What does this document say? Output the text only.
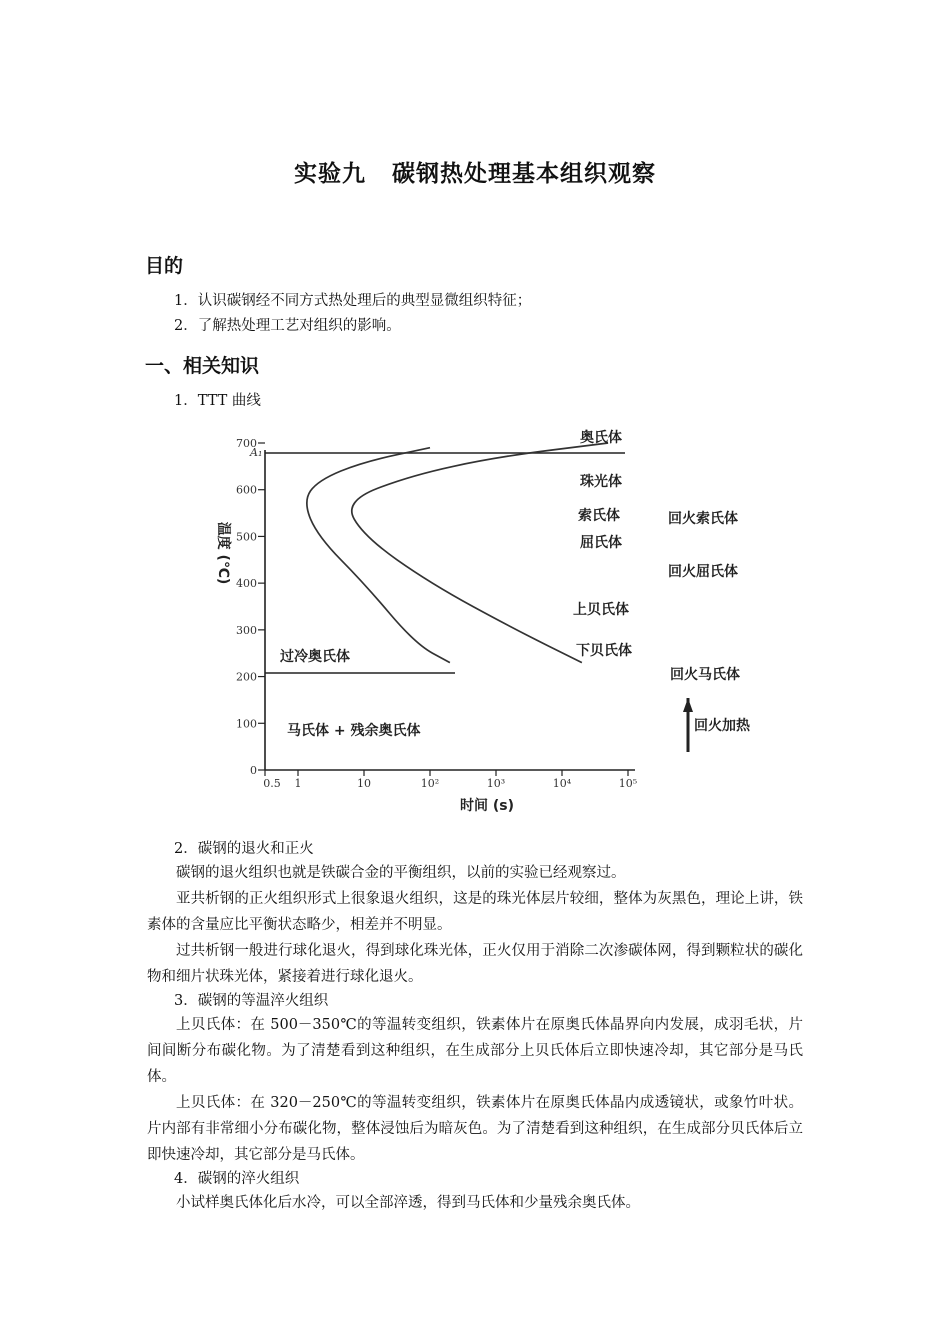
实验九 碳钢热处理基本组织观察
目的
1．认识碳钢经不同方式热处理后的典型显微组织特征；
2．了解热处理工艺对组织的影响。
一、相关知识
1．TTT 曲线
0
100
200
300
400
500
600
700
0.5 1	10	10²	10³	10⁴	10⁵
A₁
温度 (℃)
时间 (s)
奥氏体
珠光体
索氏体
屈氏体
上贝氏体
下贝氏体
过冷奥氏体
马氏体 + 残余奥氏体
回火索氏体
回火屈氏体
回火马氏体
回火加热
2．碳钢的退火和正火
碳钢的退火组织也就是铁碳合金的平衡组织，以前的实验已经观察过。
亚共析钢的正火组织形式上很象退火组织，这是的珠光体层片较细，整体为灰黑色，理论上讲，铁素体的含量应比平衡状态略少，相差并不明显。
过共析钢一般进行球化退火，得到球化珠光体，正火仅用于消除二次渗碳体网，得到颗粒状的碳化物和细片状珠光体，紧接着进行球化退火。
3．碳钢的等温淬火组织
上贝氏体：在 500－350℃的等温转变组织，铁素体片在原奥氏体晶界向内发展，成羽毛状，片间间断分布碳化物。为了清楚看到这种组织，在生成部分上贝氏体后立即快速冷却，其它部分是马氏体。
上贝氏体：在 320－250℃的等温转变组织，铁素体片在原奥氏体晶内成透镜状，或象竹叶状。片内部有非常细小分布碳化物，整体浸蚀后为暗灰色。为了清楚看到这种组织，在生成部分贝氏体后立即快速冷却，其它部分是马氏体。
4．碳钢的淬火组织
小试样奥氏体化后水冷，可以全部淬透，得到马氏体和少量残余奥氏体。
